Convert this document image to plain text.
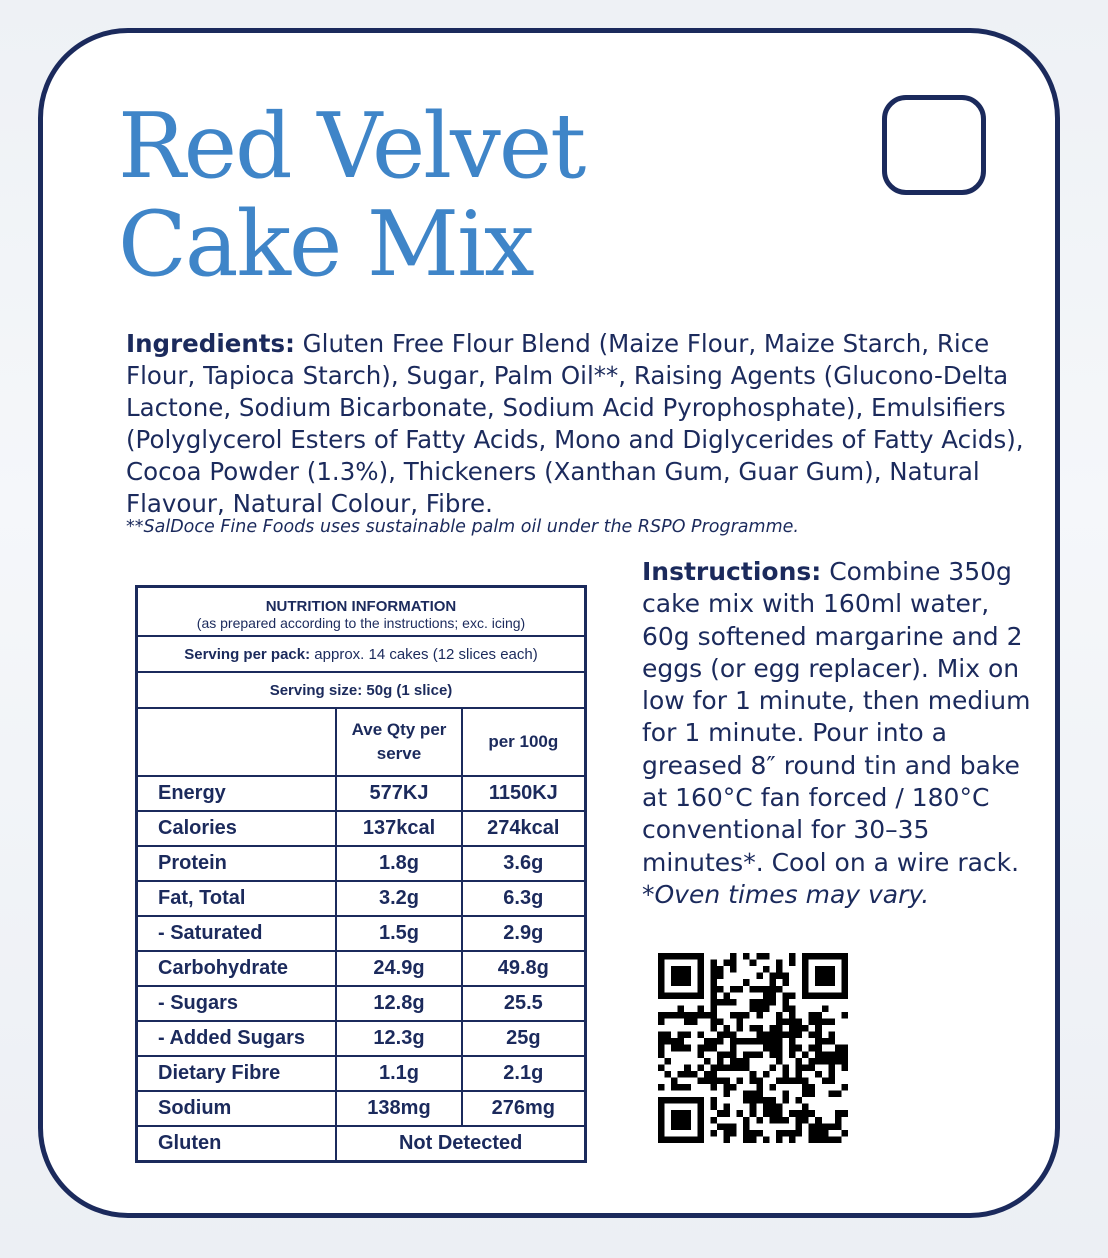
Red Velvet
Cake Mix
Ingredients: Gluten Free Flour Blend (Maize Flour, Maize Starch, Rice Flour, Tapioca Starch), Sugar, Palm Oil**, Raising Agents (Glucono-Delta Lactone, Sodium Bicarbonate, Sodium Acid Pyrophosphate), Emulsifiers (Polyglycerol Esters of Fatty Acids, Mono and Diglycerides of Fatty Acids), Cocoa Powder (1.3%), Thickeners (Xanthan Gum, Guar Gum), Natural Flavour, Natural Colour, Fibre.
**SalDoce Fine Foods uses sustainable palm oil under the RSPO Programme.
NUTRITION INFORMATION
(as prepared according to the instructions; exc. icing)		

Serving per pack: approx. 14 cakes (12 slices each)		
Serving size: 50g (1 slice)		
	Ave Qty per serve	per 100g
Energy	577KJ	1150KJ
Calories	137kcal	274kcal
Protein	1.8g	3.6g
Fat, Total	3.2g	6.3g
- Saturated	1.5g	2.9g
Carbohydrate	24.9g	49.8g
- Sugars	12.8g	25.5
- Added Sugars	12.3g	25g
Dietary Fibre	1.1g	2.1g
Sodium	138mg	276mg
Gluten	Not Detected	
Instructions: Combine 350g cake mix with 160ml water, 60g softened margarine and 2 eggs (or egg replacer). Mix on low for 1 minute, then medium for 1 minute. Pour into a greased 8″ round tin and bake at 160°C fan forced / 180°C conventional for 30–35 minutes*. Cool on a wire rack. *Oven times may vary.
